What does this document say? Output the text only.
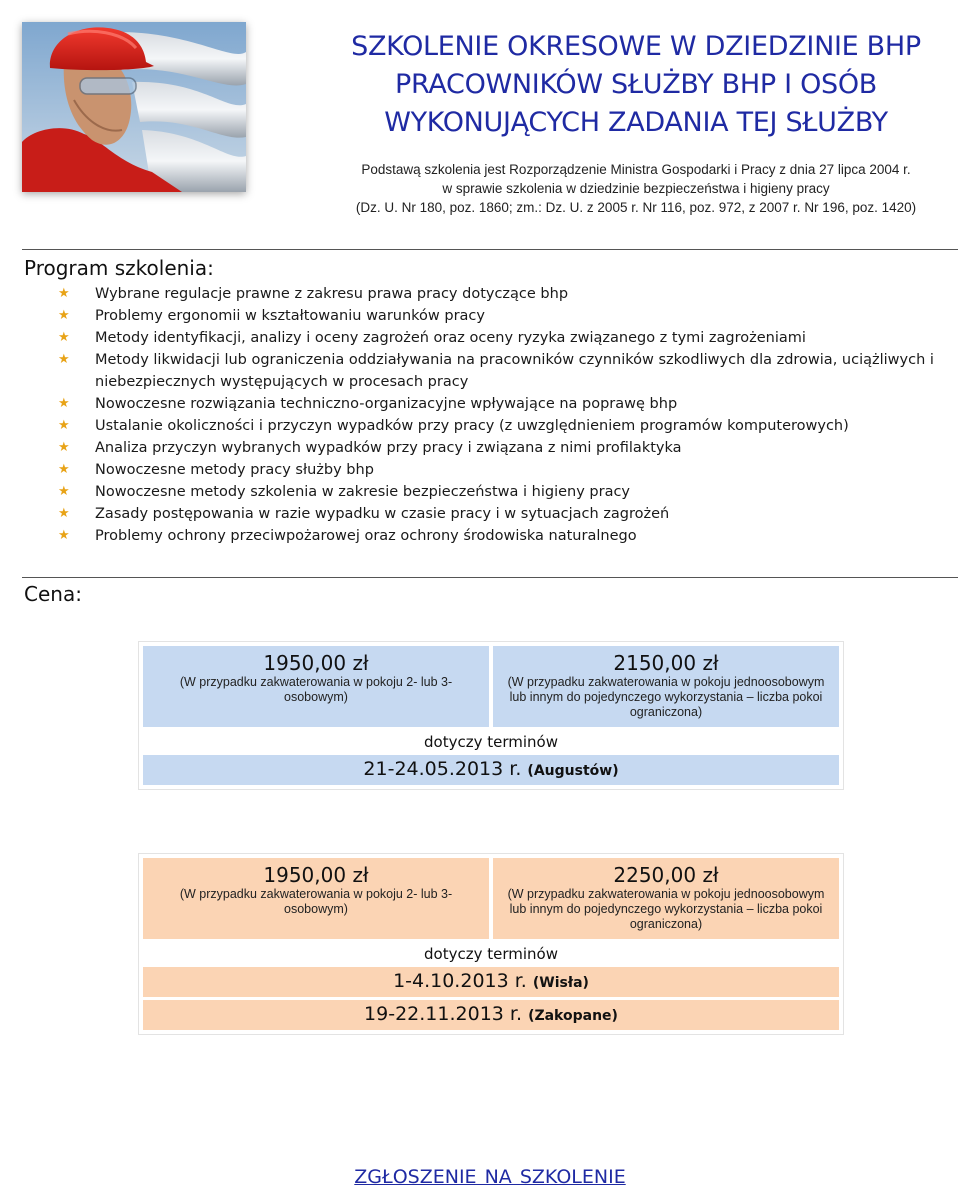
SZKOLENIE OKRESOWE W DZIEDZINIE BHP
PRACOWNIKÓW SŁUŻBY BHP I OSÓB
WYKONUJĄCYCH ZADANIA TEJ SŁUŻBY
Podstawą szkolenia jest Rozporządzenie Ministra Gospodarki i Pracy z dnia 27 lipca 2004 r.
w sprawie szkolenia w dziedzinie bezpieczeństwa i higieny pracy
(Dz. U. Nr 180, poz. 1860; zm.: Dz. U. z 2005 r. Nr 116, poz. 972, z 2007 r. Nr 196, poz. 1420)
Program szkolenia:
★ Wybrane regulacje prawne z zakresu prawa pracy dotyczące bhp
★ Problemy ergonomii w kształtowaniu warunków pracy
★ Metody identyfikacji, analizy i oceny zagrożeń oraz oceny ryzyka związanego z tymi zagrożeniami
★ Metody likwidacji lub ograniczenia oddziaływania na pracowników czynników szkodliwych dla zdrowia, uciążliwych i niebezpiecznych występujących w procesach pracy
★ Nowoczesne rozwiązania techniczno-organizacyjne wpływające na poprawę bhp
★ Ustalanie okoliczności i przyczyn wypadków przy pracy (z uwzględnieniem programów komputerowych)
★ Analiza przyczyn wybranych wypadków przy pracy i związana z nimi profilaktyka
★ Nowoczesne metody pracy służby bhp
★ Nowoczesne metody szkolenia w zakresie bezpieczeństwa i higieny pracy
★ Zasady postępowania w razie wypadku w czasie pracy i w sytuacjach zagrożeń
★ Problemy ochrony przeciwpożarowej oraz ochrony środowiska naturalnego
Cena:
1950,00 zł
(W przypadku zakwaterowania w pokoju 2- lub 3-osobowym)
2150,00 zł
(W przypadku zakwaterowania w pokoju jednoosobowym lub innym do pojedynczego wykorzystania – liczba pokoi ograniczona)
dotyczy terminów
21-24.05.2013 r. (Augustów)
1950,00 zł
(W przypadku zakwaterowania w pokoju 2- lub 3-osobowym)
2250,00 zł
(W przypadku zakwaterowania w pokoju jednoosobowym lub innym do pojedynczego wykorzystania – liczba pokoi ograniczona)
dotyczy terminów
1-4.10.2013 r. (Wisła)
19-22.11.2013 r. (Zakopane)
ZGŁOSZENIE NA SZKOLENIE
